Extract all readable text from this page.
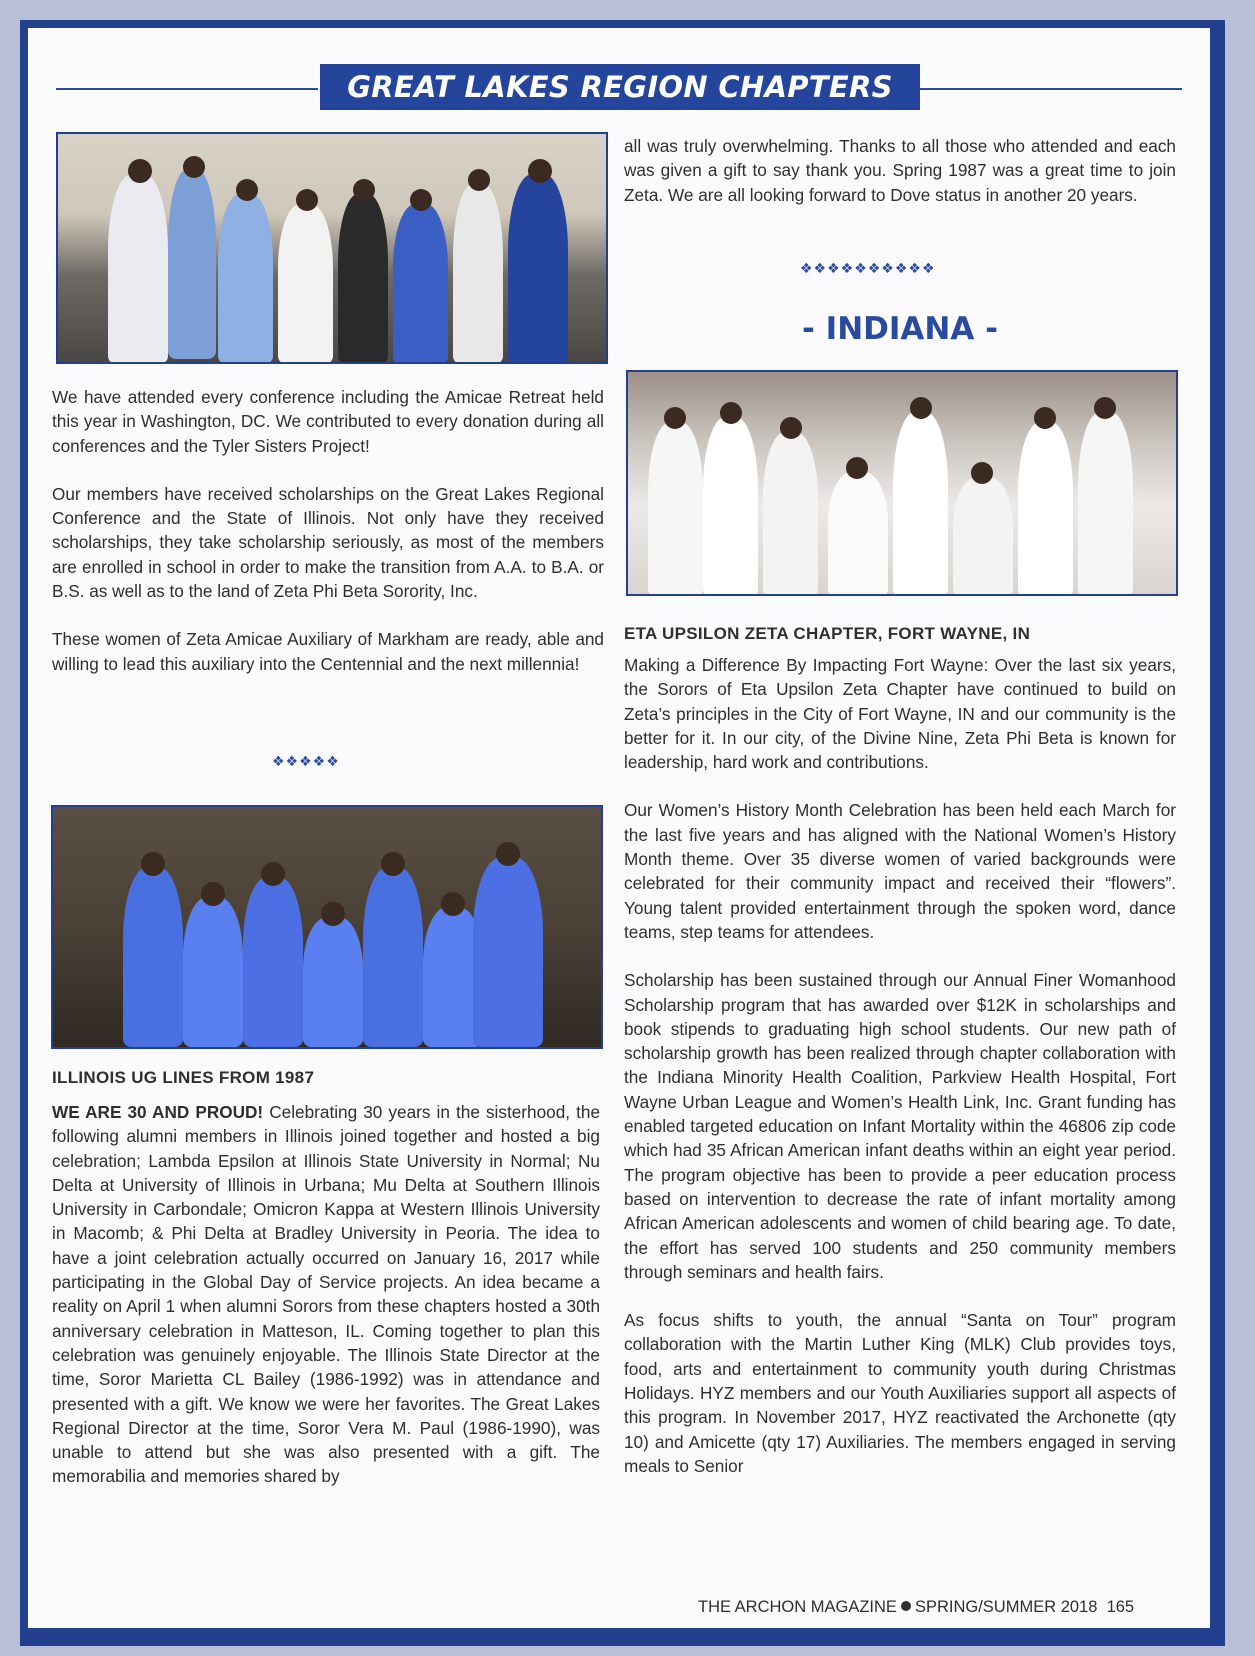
GREAT LAKES REGION CHAPTERS

We have attended every conference including the Amicae Retreat held this year in Washington, DC. We contributed to every donation during all conferences and the Tyler Sisters Project!

Our members have received scholarships on the Great Lakes Regional Conference and the State of Illinois. Not only have they received scholarships, they take scholarship seriously, as most of the members are enrolled in school in order to make the transition from A.A. to B.A. or B.S. as well as to the land of Zeta Phi Beta Sorority, Inc.

These women of Zeta Amicae Auxiliary of Markham are ready, able and willing to lead this auxiliary into the Centennial and the next millennia!

❖❖❖❖❖
ILLINOIS UG LINES FROM 1987

WE ARE 30 AND PROUD! Celebrating 30 years in the sisterhood, the following alumni members in Illinois joined together and hosted a big celebration; Lambda Epsilon at Illinois State University in Normal; Nu Delta at University of Illinois in Urbana; Mu Delta at Southern Illinois University in Carbondale; Omicron Kappa at Western Illinois University in Macomb; & Phi Delta at Bradley University in Peoria. The idea to have a joint celebration actually occurred on January 16, 2017 while participating in the Global Day of Service projects. An idea became a reality on April 1 when alumni Sorors from these chapters hosted a 30th anniversary celebration in Matteson, IL. Coming together to plan this celebration was genuinely enjoyable. The Illinois State Director at the time, Soror Marietta CL Bailey (1986-1992) was in attendance and presented with a gift. We know we were her favorites. The Great Lakes Regional Director at the time, Soror Vera M. Paul (1986-1990), was unable to attend but she was also presented with a gift. The memorabilia and memories shared by

all was truly overwhelming. Thanks to all those who attended and each was given a gift to say thank you. Spring 1987 was a great time to join Zeta. We are all looking forward to Dove status in another 20 years.

❖❖❖❖❖❖❖❖❖❖
- INDIANA -
ETA UPSILON ZETA CHAPTER, FORT WAYNE, IN

Making a Difference By Impacting Fort Wayne: Over the last six years, the Sorors of Eta Upsilon Zeta Chapter have continued to build on Zeta’s principles in the City of Fort Wayne, IN and our community is the better for it. In our city, of the Divine Nine, Zeta Phi Beta is known for leadership, hard work and contributions.

Our Women’s History Month Celebration has been held each March for the last five years and has aligned with the National Women’s History Month theme. Over 35 diverse women of varied backgrounds were celebrated for their community impact and received their “flowers”. Young talent provided entertainment through the spoken word, dance teams, step teams for attendees.

Scholarship has been sustained through our Annual Finer Womanhood Scholarship program that has awarded over $12K in scholarships and book stipends to graduating high school students. Our new path of scholarship growth has been realized through chapter collaboration with the Indiana Minority Health Coalition, Parkview Health Hospital, Fort Wayne Urban League and Women’s Health Link, Inc. Grant funding has enabled targeted education on Infant Mortality within the 46806 zip code which had 35 African American infant deaths within an eight year period. The program objective has been to provide a peer education process based on intervention to decrease the rate of infant mortality among African American adolescents and women of child bearing age. To date, the effort has served 100 students and 250 community members through seminars and health fairs.

As focus shifts to youth, the annual “Santa on Tour” program collaboration with the Martin Luther King (MLK) Club provides toys, food, arts and entertainment to community youth during Christmas Holidays. HYZ members and our Youth Auxiliaries support all aspects of this program. In November 2017, HYZ reactivated the Archonette (qty 10) and Amicette (qty 17) Auxiliaries. The members engaged in serving meals to Senior

THE ARCHON MAGAZINE SPRING/SUMMER 2018 165
